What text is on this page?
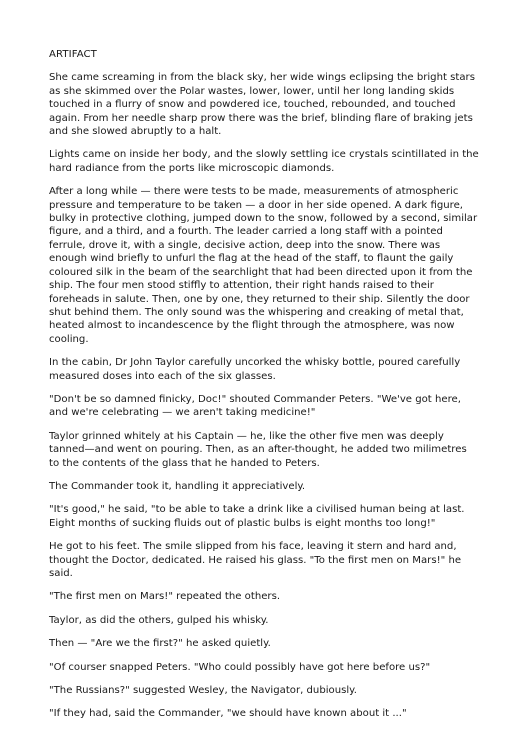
ARTIFACT

She came screaming in from the black sky, her wide wings eclipsing the bright stars as she skimmed over the Polar wastes, lower, lower, until her long landing skids touched in a flurry of snow and powdered ice, touched, rebounded, and touched again. From her needle sharp prow there was the brief, blinding flare of braking jets and she slowed abruptly to a halt.

Lights came on inside her body, and the slowly settling ice crystals scintillated in the hard radiance from the ports like microscopic diamonds.

After a long while — there were tests to be made, measurements of atmospheric pressure and temperature to be taken — a door in her side opened. A dark figure, bulky in protective clothing, jumped down to the snow, followed by a second, similar figure, and a third, and a fourth. The leader carried a long staff with a pointed ferrule, drove it, with a single, decisive action, deep into the snow. There was enough wind briefly to unfurl the flag at the head of the staff, to flaunt the gaily coloured silk in the beam of the searchlight that had been directed upon it from the ship. The four men stood stiffly to attention, their right hands raised to their foreheads in salute. Then, one by one, they returned to their ship. Silently the door shut behind them. The only sound was the whispering and creaking of metal that, heated almost to incandescence by the flight through the atmosphere, was now cooling.

In the cabin, Dr John Taylor carefully uncorked the whisky bottle, poured carefully measured doses into each of the six glasses.

"Don't be so damned finicky, Doc!" shouted Commander Peters. "We've got here, and we're celebrating — we aren't taking medicine!"

Taylor grinned whitely at his Captain — he, like the other five men was deeply tanned—and went on pouring. Then, as an after-thought, he added two milimetres to the contents of the glass that he handed to Peters.

The Commander took it, handling it appreciatively.

"It's good," he said, "to be able to take a drink like a civilised human being at last. Eight months of sucking fluids out of plastic bulbs is eight months too long!"

He got to his feet. The smile slipped from his face, leaving it stern and hard and, thought the Doctor, dedicated. He raised his glass. "To the first men on Mars!" he said.

"The first men on Mars!" repeated the others.

Taylor, as did the others, gulped his whisky.

Then — "Are we the first?" he asked quietly.

"Of courser snapped Peters. "Who could possibly have got here before us?"

"The Russians?" suggested Wesley, the Navigator, dubiously.

"If they had, said the Commander, "we should have known about it ..."
